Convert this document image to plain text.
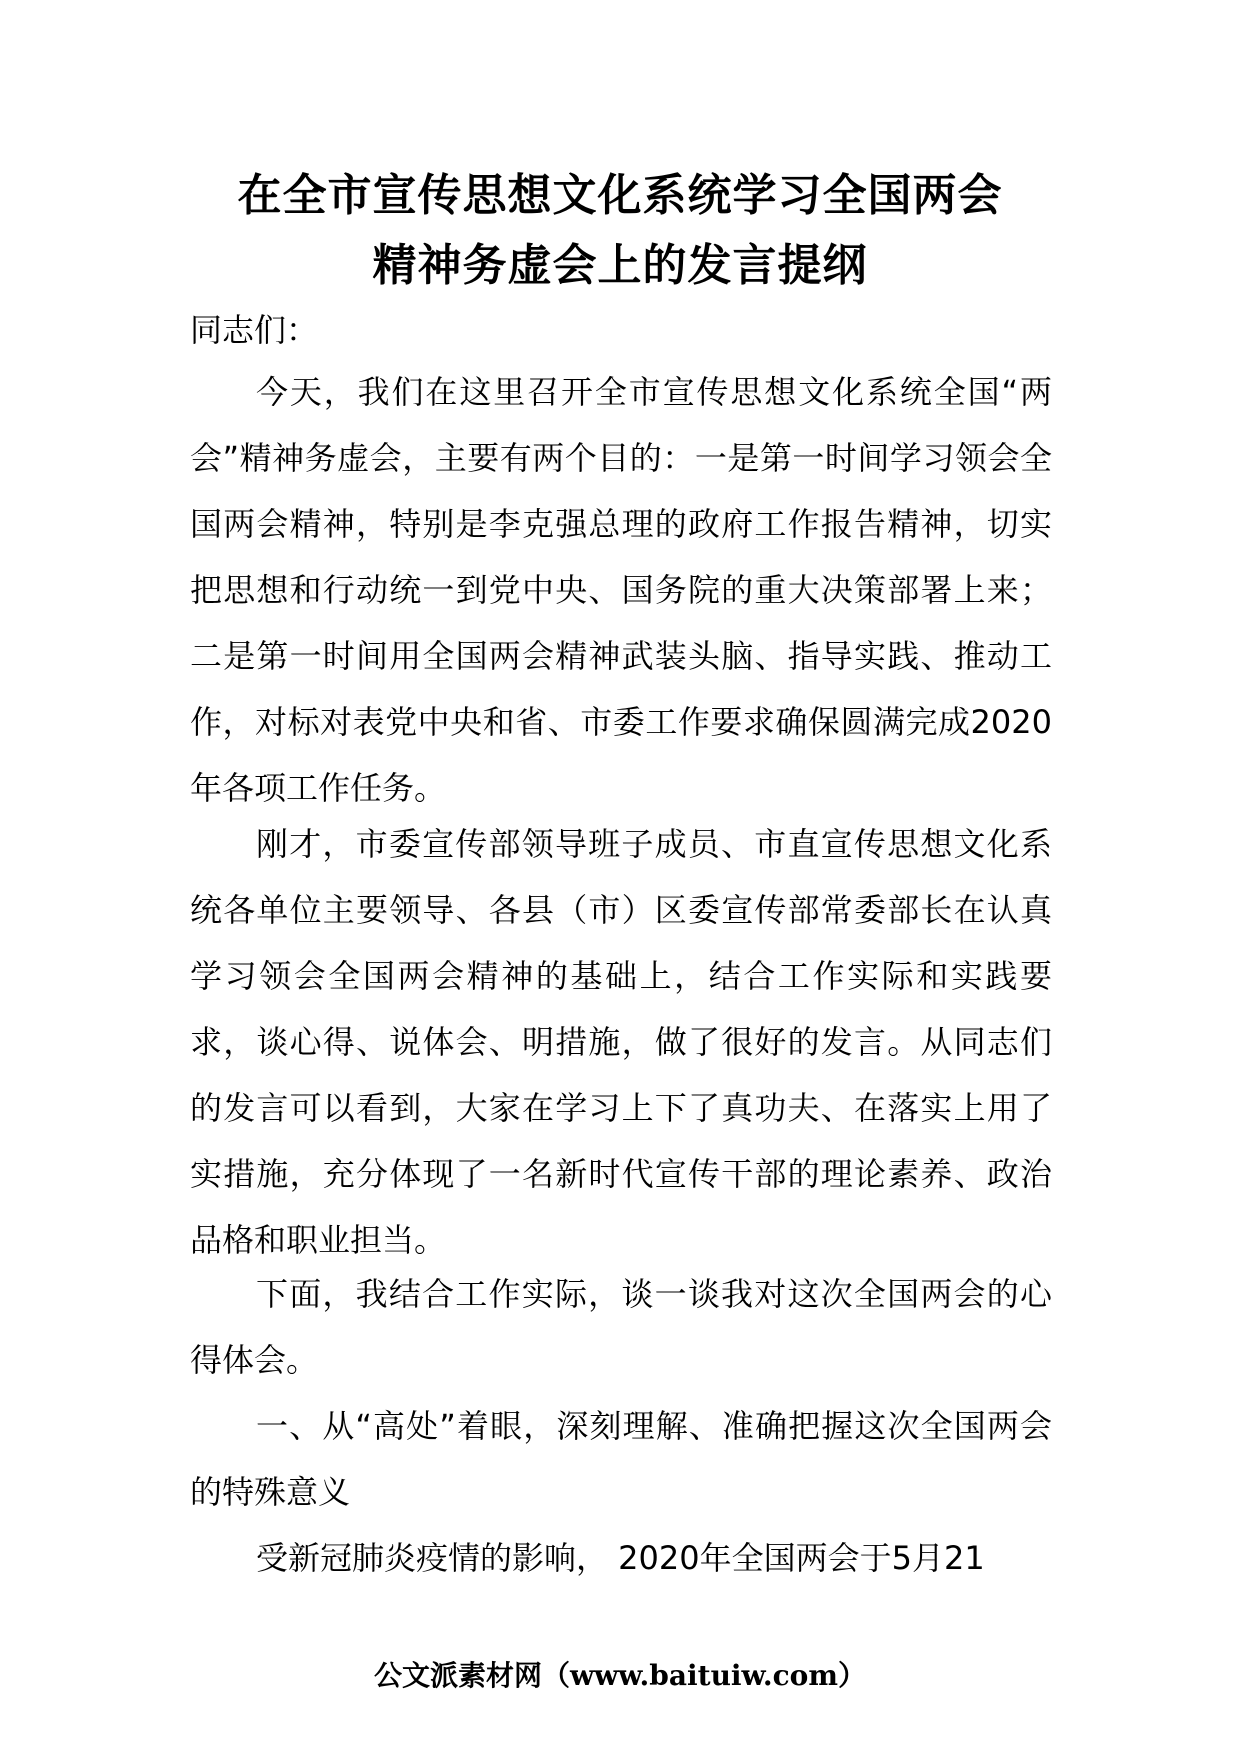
在全市宣传思想文化系统学习全国两会
精神务虚会上的发言提纲
同志们：
今天，我们在这里召开全市宣传思想文化系统全国“两会”精神务虚会，主要有两个目的：一是第一时间学习领会全国两会精神，特别是李克强总理的政府工作报告精神，切实把思想和行动统一到党中央、国务院的重大决策部署上来；二是第一时间用全国两会精神武装头脑、指导实践、推动工作，对标对表党中央和省、市委工作要求确保圆满完成2020年各项工作任务。
刚才，市委宣传部领导班子成员、市直宣传思想文化系统各单位主要领导、各县（市）区委宣传部常委部长在认真学习领会全国两会精神的基础上，结合工作实际和实践要求，谈心得、说体会、明措施，做了很好的发言。从同志们的发言可以看到，大家在学习上下了真功夫、在落实上用了实措施，充分体现了一名新时代宣传干部的理论素养、政治品格和职业担当。
下面，我结合工作实际，谈一谈我对这次全国两会的心得体会。
一、从“高处”着眼，深刻理解、准确把握这次全国两会的特殊意义
受新冠肺炎疫情的影响， 2020年全国两会于5月21
公文派素材网（www.baituiw.com）
